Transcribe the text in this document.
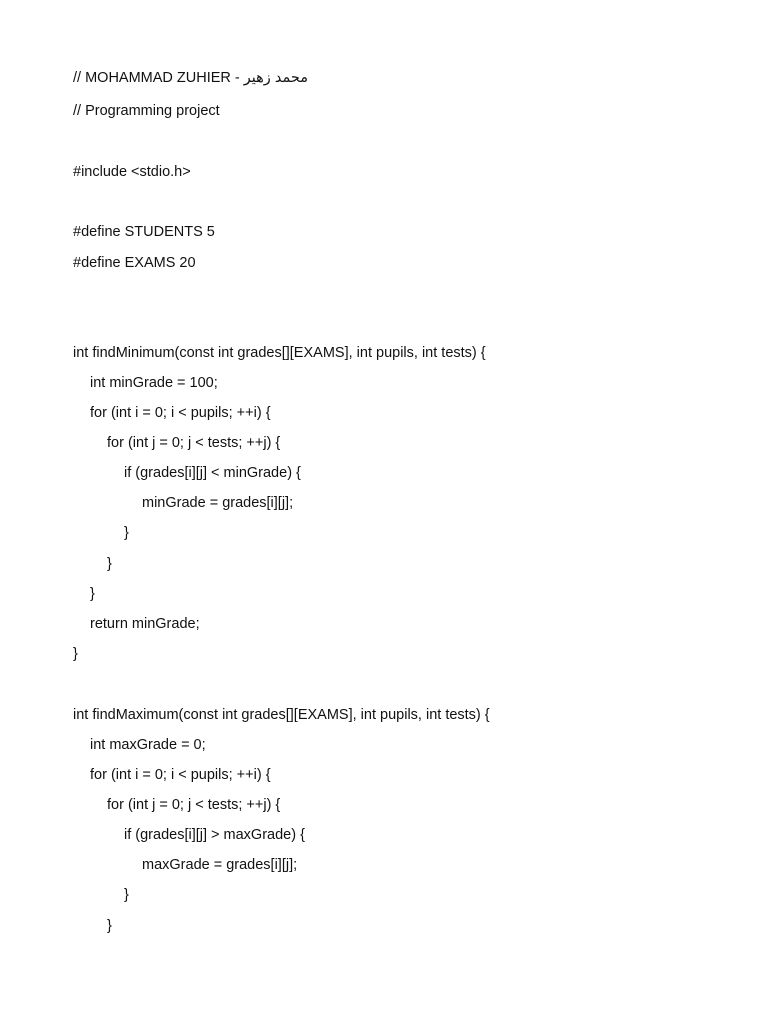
// MOHAMMAD ZUHIER - محمد زهير
// Programming project
#include <stdio.h>
#define STUDENTS 5
#define EXAMS 20
int findMinimum(const int grades[][EXAMS], int pupils, int tests) {
int minGrade = 100;
for (int i = 0; i < pupils; ++i) {
for (int j = 0; j < tests; ++j) {
if (grades[i][j] < minGrade) {
minGrade = grades[i][j];
}
}
}
return minGrade;
}
int findMaximum(const int grades[][EXAMS], int pupils, int tests) {
int maxGrade = 0;
for (int i = 0; i < pupils; ++i) {
for (int j = 0; j < tests; ++j) {
if (grades[i][j] > maxGrade) {
maxGrade = grades[i][j];
}
}
